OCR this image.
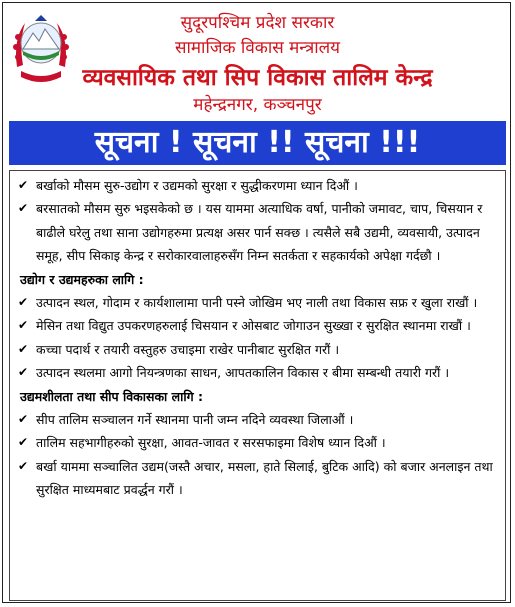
सुदूरपश्चिम प्रदेश सरकार
सामाजिक विकास मन्त्रालय
व्यवसायिक तथा सिप विकास तालिम केन्द्र
महेन्द्रनगर, कञ्चनपुर
सूचना ! सूचना !! सूचना !!!
✔ बर्खाको मौसम सुरु-उद्योग र उद्यमको सुरक्षा र सुद्धीकरणमा ध्यान दिऔं ।
✔ बरसातको मौसम सुरु भइसकेको छ । यस याममा अत्याधिक वर्षा, पानीको जमावट, चाप, चिसयान र बाढीले घरेलु तथा साना उद्योगहरुमा प्रत्यक्ष असर पार्न सक्छ । त्यसैले सबै उद्यमी, व्यवसायी, उत्पादन समूह, सीप सिकाइ केन्द्र र सरोकारवालाहरुसँग निम्न सतर्कता र सहकार्यको अपेक्षा गर्दछौ ।
उद्योग र उद्यमहरुका लागि :
✔ उत्पादन स्थल, गोदाम र कार्यशालामा पानी पस्ने जोखिम भए नाली तथा विकास सफ्र र खुला राखौं ।
✔ मेसिन तथा विद्युत उपकरणहरुलाई चिसयान र ओसबाट जोगाउन सुख्खा र सुरक्षित स्थानमा राखौं ।
✔ कच्चा पदार्थ र तयारी वस्तुहरु उचाइमा राखेर पानीबाट सुरक्षित गरौं ।
✔ उत्पादन स्थलमा आगो नियन्त्रणका साधन, आपतकालिन विकास र बीमा सम्बन्धी तयारी गरौं ।
उद्यमशीलता तथा सीप विकासका लागि :
✔ सीप तालिम सञ्चालन गर्ने स्थानमा पानी जम्न नदिने व्यवस्था जिलाऔं ।
✔ तालिम सहभागीहरुको सुरक्षा, आवत-जावत र सरसफाइमा विशेष ध्यान दिऔं ।
✔ बर्खा याममा सञ्चालित उद्यम(जस्तै अचार, मसला, हाते सिलाई, बुटिक आदि) को बजार अनलाइन तथा सुरक्षित माध्यमबाट प्रवर्द्धन गरौं ।
